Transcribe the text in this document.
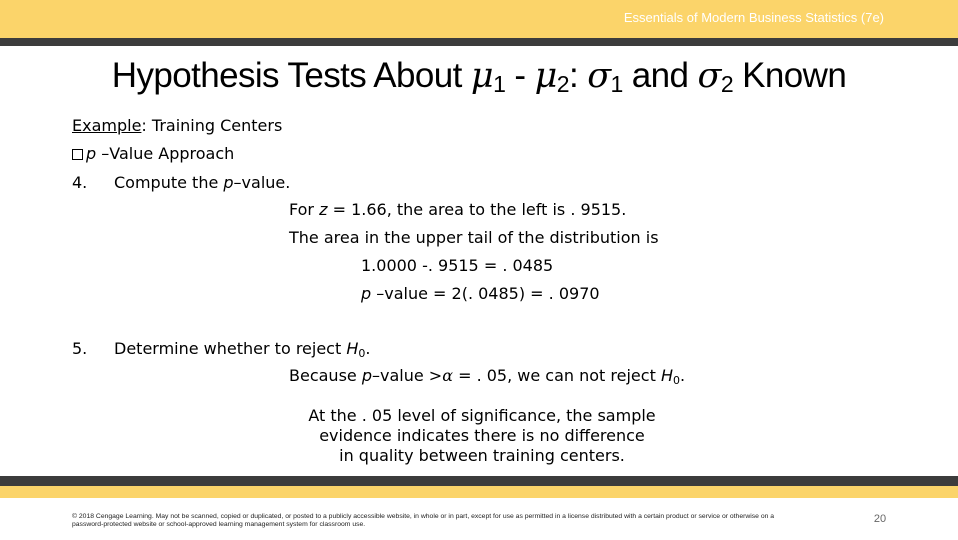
Essentials of Modern Business Statistics (7e)
Hypothesis Tests About $\mu_1 - \mu_2$: $\sigma_1$ and $\sigma_2$ Known
Example: Training Centers
p –Value Approach
4. Compute the p–value.
For z = 1.66, the area to the left is . 9515.
The area in the upper tail of the distribution is
1.0000 -. 9515 = . 0485
p –value = 2(. 0485) = . 0970
5. Determine whether to reject $H_0$.
Because p–value >α = . 05, we can not reject $H_0$.
At the . 05 level of significance, the sample
evidence indicates there is no difference
in quality between training centers.
© 2018 Cengage Learning. May not be scanned, copied or duplicated, or posted to a publicly accessible website, in whole or in part, except for use as permitted in a license distributed with a certain product or service or otherwise on a password-protected website or school-approved learning management system for classroom use.	20
